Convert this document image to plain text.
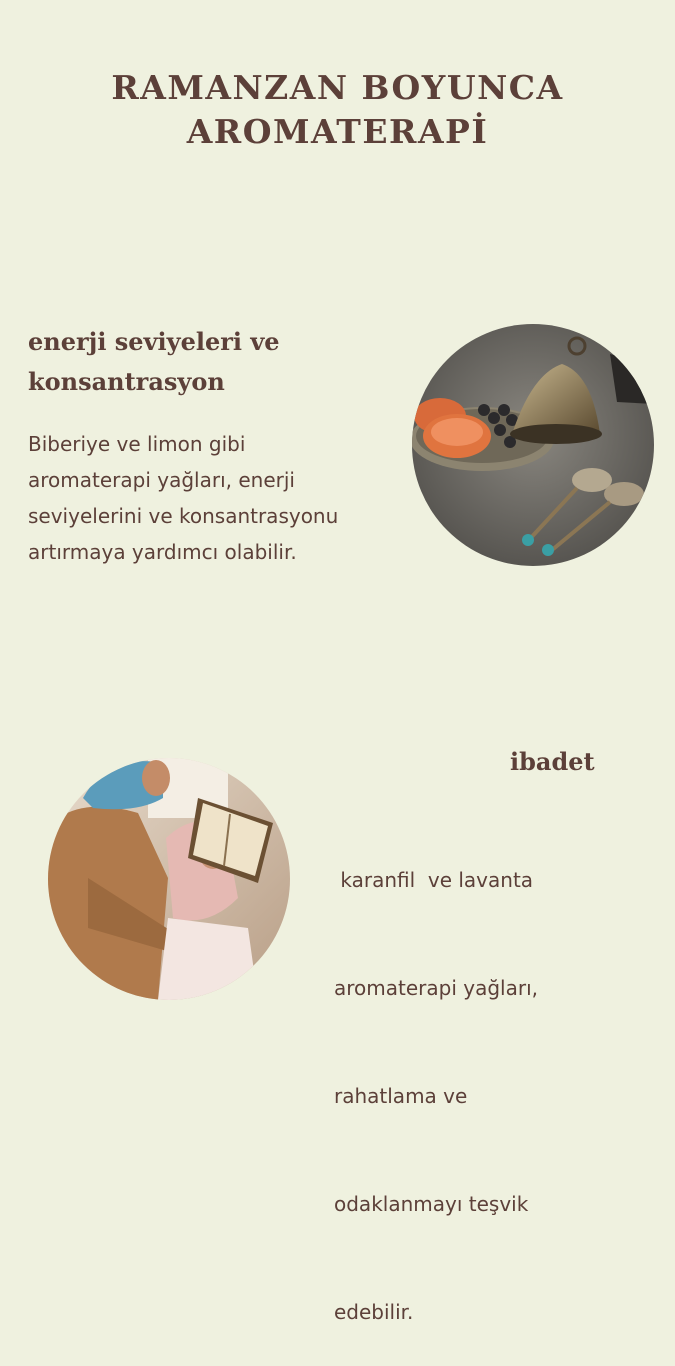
RAMANZAN BOYUNCA
AROMATERAPİ
enerji seviyeleri ve
konsantrasyon
Biberiye ve limon gibi
aromaterapi yağları, enerji
seviyelerini ve konsantrasyonu
artırmaya yardımcı olabilir.
ibadet

karanfil  ve lavanta

aromaterapi yağları,

rahatlama ve

odaklanmayı teşvik

edebilir.
